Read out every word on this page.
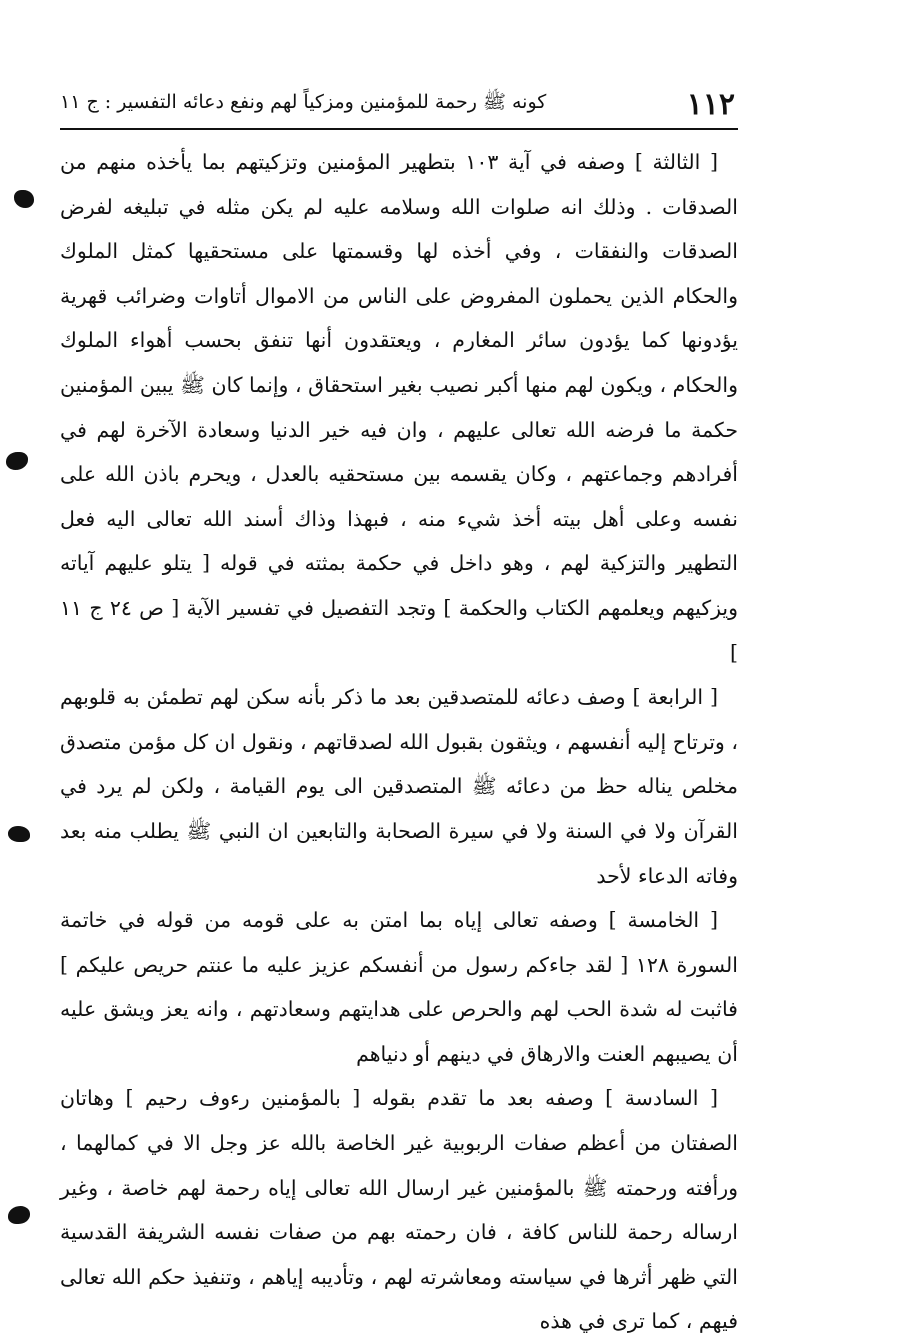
١١٢
كونه ﷺ رحمة للمؤمنين ومزكياً لهم ونفع دعائه التفسير : ج ١١

[ الثالثة ] وصفه في آية ١٠٣ بتطهير المؤمنين وتزكيتهم بما يأخذه منهم من الصدقات . وذلك انه صلوات الله وسلامه عليه لم يكن مثله في تبليغه لفرض الصدقات والنفقات ، وفي أخذه لها وقسمتها على مستحقيها كمثل الملوك والحكام الذين يحملون المفروض على الناس من الاموال أتاوات وضرائب قهرية يؤدونها كما يؤدون سائر المغارم ، ويعتقدون أنها تنفق بحسب أهواء الملوك والحكام ، ويكون لهم منها أكبر نصيب بغير استحقاق ، وإنما كان ﷺ يبين المؤمنين حكمة ما فرضه الله تعالى عليهم ، وان فيه خير الدنيا وسعادة الآخرة لهم في أفرادهم وجماعتهم ، وكان يقسمه بين مستحقيه بالعدل ، ويحرم باذن الله على نفسه وعلى أهل بيته أخذ شيء منه ، فبهذا وذاك أسند الله تعالى اليه فعل التطهير والتزكية لهم ، وهو داخل في حكمة بمثته في قوله [ يتلو عليهم آياته ويزكيهم ويعلمهم الكتاب والحكمة ] وتجد التفصيل في تفسير الآية [ ص ٢٤ ج ١١ ]

[ الرابعة ] وصف دعائه للمتصدقين بعد ما ذكر بأنه سكن لهم تطمئن به قلوبهم ، وترتاح إليه أنفسهم ، ويثقون بقبول الله لصدقاتهم ، ونقول ان كل مؤمن متصدق مخلص يناله حظ من دعائه ﷺ المتصدقين الى يوم القيامة ، ولكن لم يرد في القرآن ولا في السنة ولا في سيرة الصحابة والتابعين ان النبي ﷺ يطلب منه بعد وفاته الدعاء لأحد

[ الخامسة ] وصفه تعالى إياه بما امتن به على قومه من قوله في خاتمة السورة ١٢٨ [ لقد جاءكم رسول من أنفسكم عزيز عليه ما عنتم حريص عليكم ] فاثبت له شدة الحب لهم والحرص على هدايتهم وسعادتهم ، وانه يعز ويشق عليه أن يصيبهم العنت والارهاق في دينهم أو دنياهم

[ السادسة ] وصفه بعد ما تقدم بقوله [ بالمؤمنين رءوف رحيم ] وهاتان الصفتان من أعظم صفات الربوبية غير الخاصة بالله عز وجل الا في كمالهما ، ورأفته ورحمته ﷺ بالمؤمنين غير ارسال الله تعالى إياه رحمة لهم خاصة ، وغير ارساله رحمة للناس كافة ، فان رحمته بهم من صفات نفسه الشريفة القدسية التي ظهر أثرها في سياسته ومعاشرته لهم ، وتأديبه إياهم ، وتنفيذ حكم الله تعالى فيهم ، كما ترى في هذه
